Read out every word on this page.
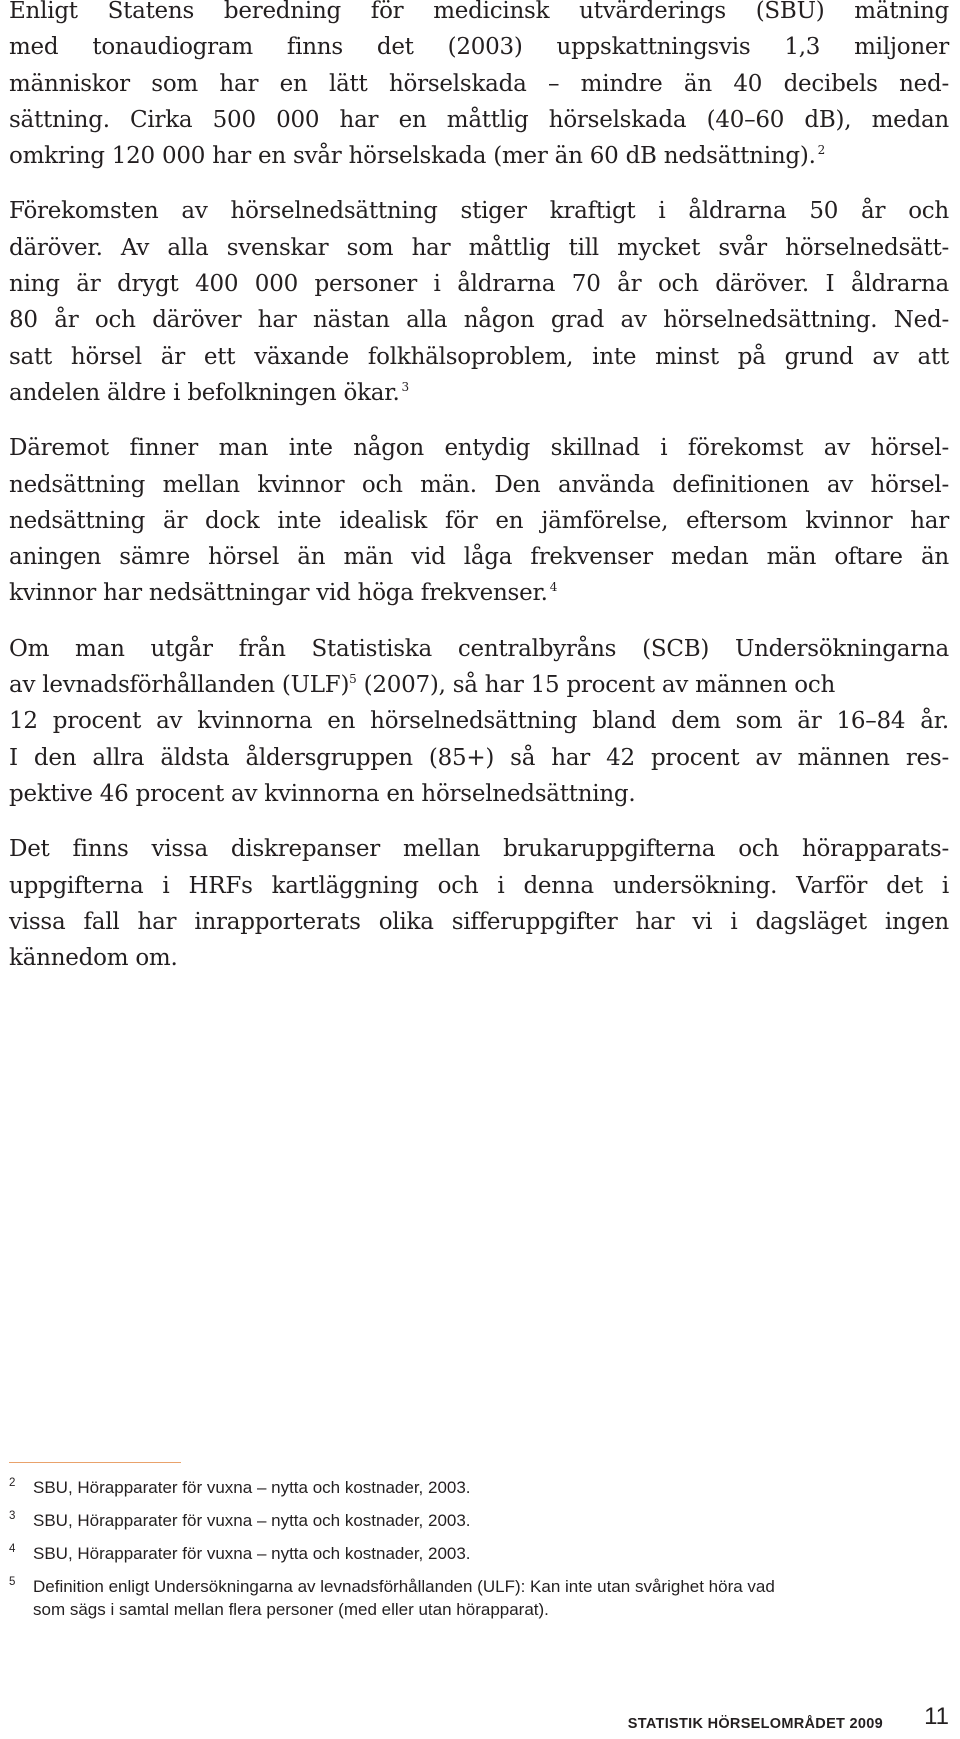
Enligt Statens beredning för medicinsk utvärderings (SBU) mätning
med tonaudiogram finns det (2003) uppskattningsvis 1,3 miljoner
människor som har en lätt hörselskada – mindre än 40 decibels ned-
sättning. Cirka 500 000 har en måttlig hörselskada (40–60 dB), medan
omkring 120 000 har en svår hörselskada (mer än 60 dB nedsättning). $^2$

Förekomsten av hörselnedsättning stiger kraftigt i åldrarna 50 år och
däröver. Av alla svenskar som har måttlig till mycket svår hörselnedsätt-
ning är drygt 400 000 personer i åldrarna 70 år och däröver. I åldrarna
80 år och däröver har nästan alla någon grad av hörselnedsättning. Ned-
satt hörsel är ett växande folkhälsoproblem, inte minst på grund av att
andelen äldre i befolkningen ökar. $^3$

Däremot finner man inte någon entydig skillnad i förekomst av hörsel-
nedsättning mellan kvinnor och män. Den använda definitionen av hörsel-
nedsättning är dock inte idealisk för en jämförelse, eftersom kvinnor har
aningen sämre hörsel än män vid låga frekvenser medan män oftare än
kvinnor har nedsättningar vid höga frekvenser. $^4$

Om man utgår från Statistiska centralbyråns (SCB) Undersökningarna
av levnadsförhållanden (ULF)$^5$ (2007), så har 15 procent av männen och
12 procent av kvinnorna en hörselnedsättning bland dem som är 16–84 år.
I den allra äldsta åldersgruppen (85+) så har 42 procent av männen res-
pektive 46 procent av kvinnorna en hörselnedsättning.

Det finns vissa diskrepanser mellan brukaruppgifterna och hörapparats-
uppgifterna i HRFs kartläggning och i denna undersökning. Varför det i
vissa fall har inrapporterats olika sifferuppgifter har vi i dagsläget ingen
kännedom om.

2 SBU, Hörapparater för vuxna – nytta och kostnader, 2003.
3 SBU, Hörapparater för vuxna – nytta och kostnader, 2003.
4 SBU, Hörapparater för vuxna – nytta och kostnader, 2003.
5 Definition enligt Undersökningarna av levnadsförhållanden (ULF): Kan inte utan svårighet höra vad
som sägs i samtal mellan flera personer (med eller utan hörapparat).
STATISTIK HÖRSELOMRÅDET 2009 11
